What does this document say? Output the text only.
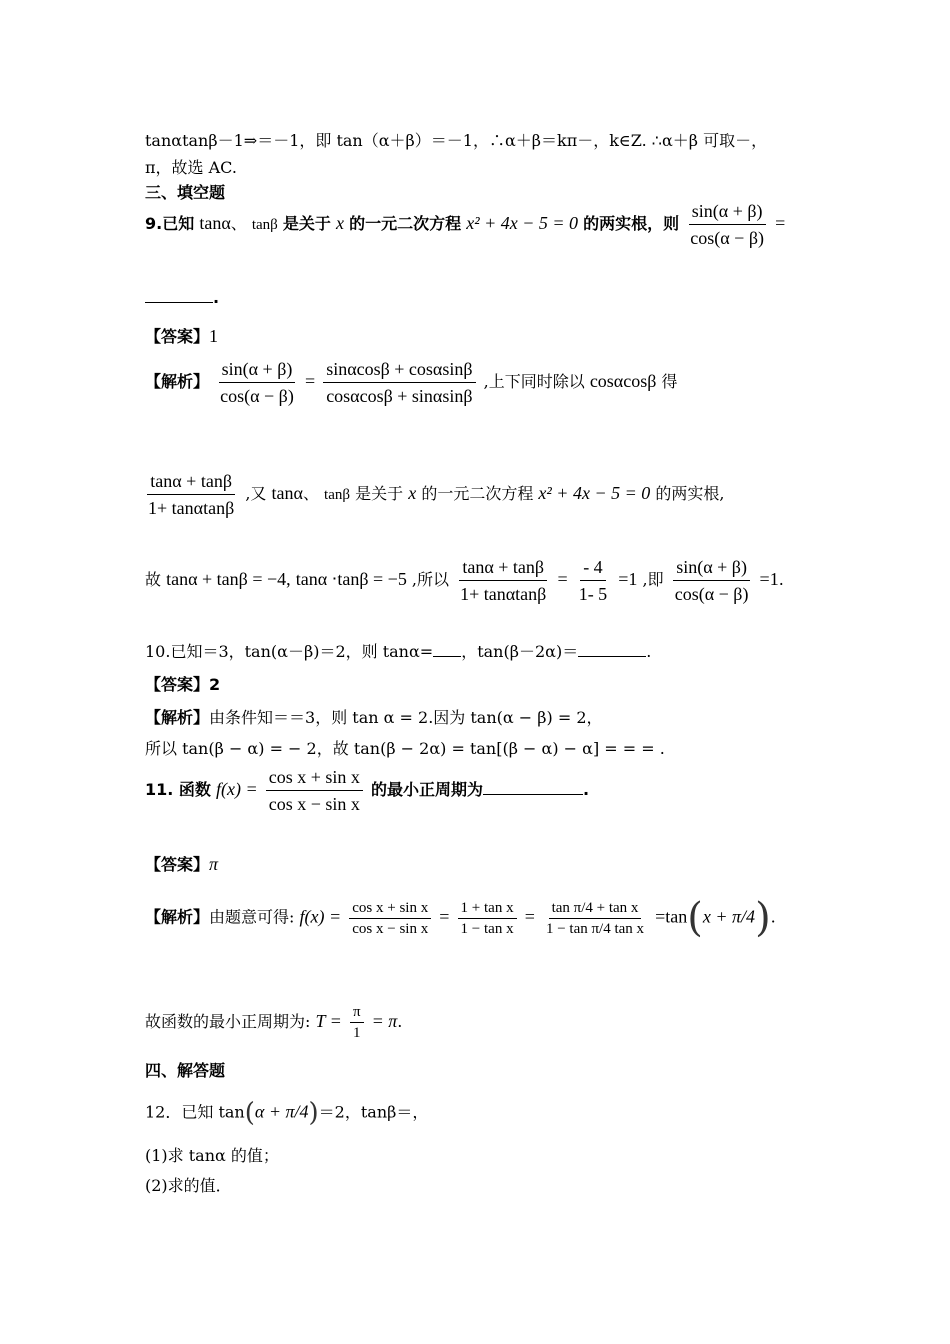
tanαtanβ－1⇒＝－1，即 tan（α＋β）＝－1，∴α＋β＝kπ－，k∈Z. ∴α＋β 可取－，
π，故选 AC.
三、填空题
9.已知 tanα、 tanβ 是关于 x 的一元二次方程 x² + 4x − 5 = 0 的两实根，则 $\frac{\sin(\alpha + \beta)}{\cos(\alpha - \beta)}$ =
.
【答案】1
【解析】 $\frac{\sin(\alpha + \beta)}{\cos(\alpha - \beta)} = \frac{\sin\alpha\cos\beta + \cos\alpha\sin\beta}{\cos\alpha\cos\beta + \sin\alpha\sin\beta}$ ,上下同时除以 cosαcosβ 得
$\frac{\tan\alpha + \tan\beta}{1+ \tan\alpha\tan\beta}$ ,又 tanα、 tanβ 是关于 x 的一元二次方程 x² + 4x − 5 = 0 的两实根,
故 tanα + tanβ = −4, tanα ⋅tanβ = −5 ,所以 $\frac{\tan\alpha + \tan\beta}{1+ \tan\alpha\tan\beta} = \frac{- 4}{1- 5} =1$ ,即 $\frac{\sin(\alpha + \beta)}{\cos(\alpha - \beta)} =1$.
10.已知＝3，tan(α－β)＝2，则 tanα= ，tan(β－2α)＝	.
【答案】2
【解析】由条件知＝＝3，则 tan α = 2.因为 tan(α − β) = 2，
所以 tan(β − α) = − 2，故 tan(β − 2α) = tan[(β − α) − α] = = = .
11. 函数 $f(x) = \frac{\text{cos x + sin x}}{\text{cos x − sin x}}$ 的最小正周期为	.
【答案】π
【解析】由题意可得: $f(x) = \frac{\text{cos x + sin x}}{\text{cos x − sin x}} = \frac{\text{1 + tan x}}{\text{1 − tan x}} = \frac{\text{tan π/4 + tan x}}{\text{1 − tan π/4 tan x}} =\tan(x + \pi/4)$.
故函数的最小正周期为: $T = \frac{\pi}{1} = \pi$.
四、解答题
12．已知 tan(α + π/4)＝2，tanβ＝，
(1)求 tanα 的值；
(2)求的值．
